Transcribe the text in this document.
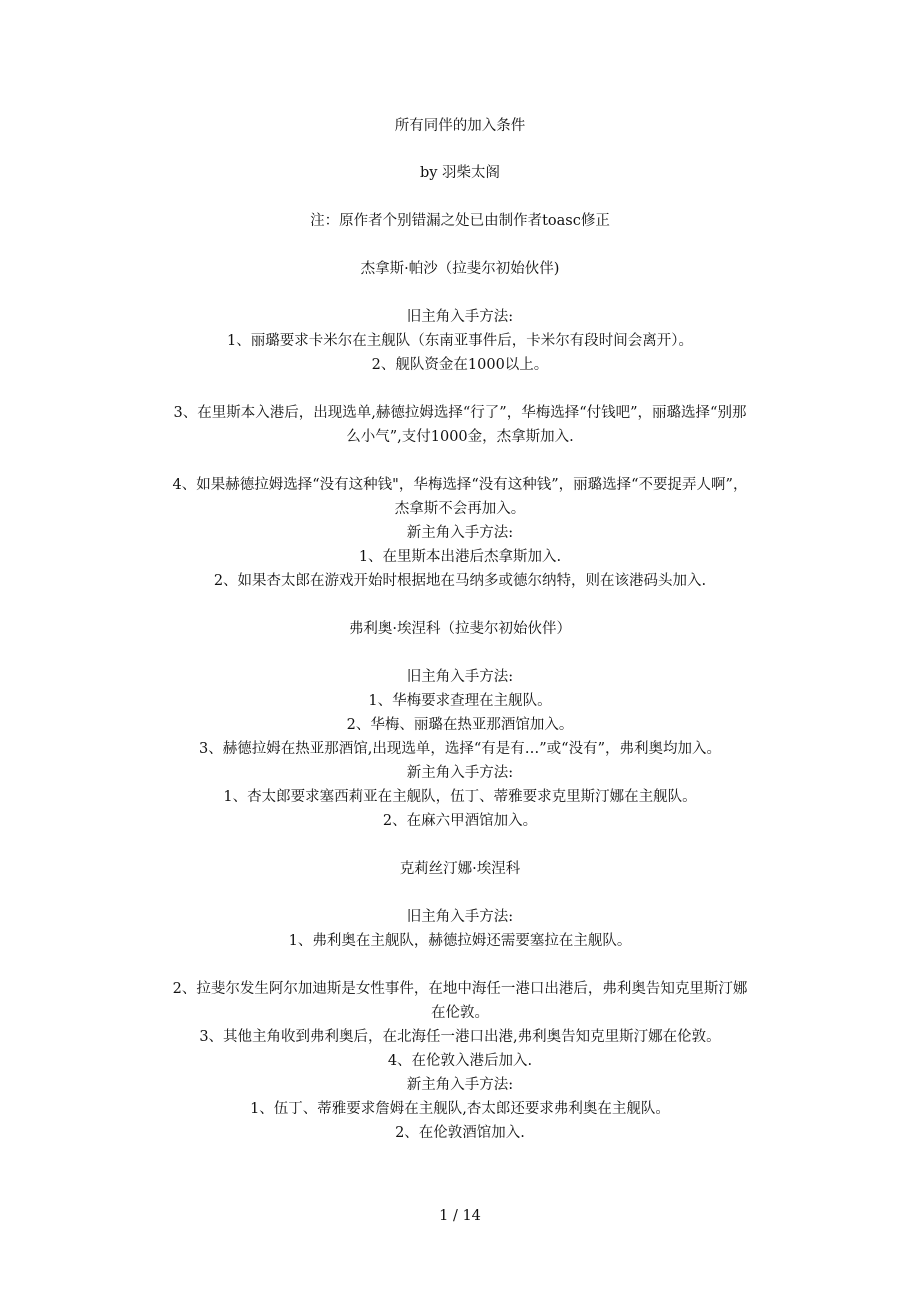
所有同伴的加入条件
by 羽柴太阁
注：原作者个别错漏之处已由制作者toasc修正
杰拿斯·帕沙（拉斐尔初始伙伴)
旧主角入手方法:
1、丽璐要求卡米尔在主舰队（东南亚事件后，卡米尔有段时间会离开）。
2、舰队资金在1000以上。
3、在里斯本入港后，出现选单,赫德拉姆选择“行了”，华梅选择“付钱吧”，丽璐选择“别那
么小气”,支付1000金，杰拿斯加入.
4、如果赫德拉姆选择“没有这种钱"，华梅选择“没有这种钱”，丽璐选择“不要捉弄人啊”，
杰拿斯不会再加入。
新主角入手方法:
1、在里斯本出港后杰拿斯加入.
2、如果杏太郎在游戏开始时根据地在马纳多或德尔纳特，则在该港码头加入.
弗利奥·埃涅科（拉斐尔初始伙伴）
旧主角入手方法:
1、华梅要求查理在主舰队。
2、华梅、丽璐在热亚那酒馆加入。
3、赫德拉姆在热亚那酒馆,出现选单，选择“有是有…”或“没有”，弗利奥均加入。
新主角入手方法:
1、杏太郎要求塞西莉亚在主舰队，伍丁、蒂雅要求克里斯汀娜在主舰队。
2、在麻六甲酒馆加入。
克莉丝汀娜·埃涅科
旧主角入手方法:
1、弗利奥在主舰队，赫德拉姆还需要塞拉在主舰队。
2、拉斐尔发生阿尔加迪斯是女性事件，在地中海任一港口出港后，弗利奥告知克里斯汀娜
在伦敦。
3、其他主角收到弗利奥后，在北海任一港口出港,弗利奥告知克里斯汀娜在伦敦。
4、在伦敦入港后加入.
新主角入手方法:
1、伍丁、蒂雅要求詹姆在主舰队,杏太郎还要求弗利奥在主舰队。
2、在伦敦酒馆加入.
1 / 14
